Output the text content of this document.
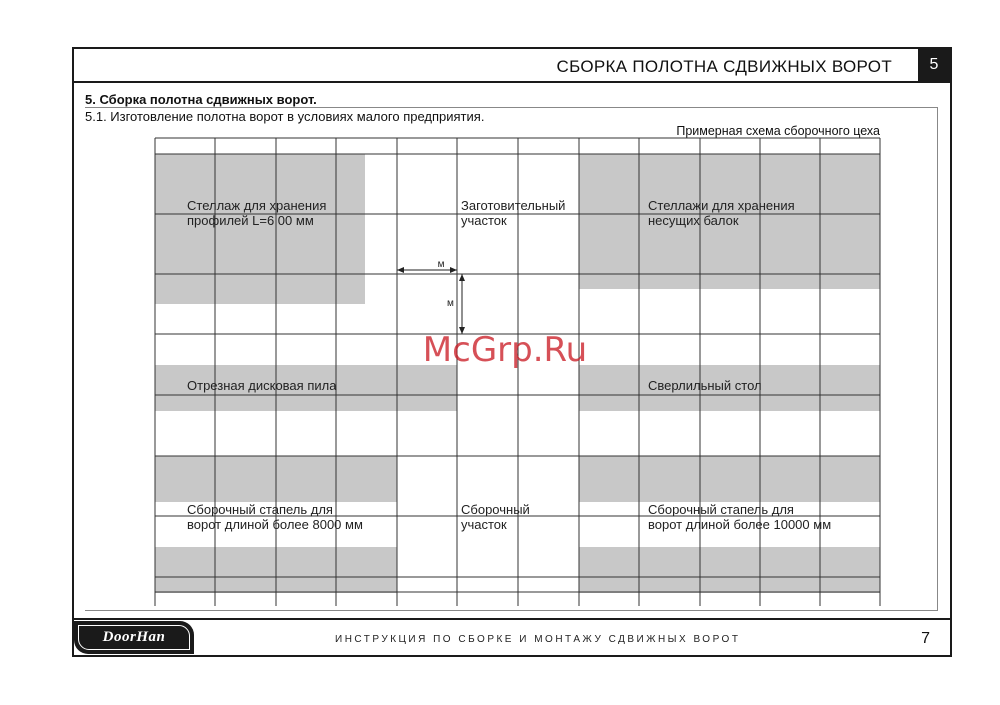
СБОРКА ПОЛОТНА СДВИЖНЫХ ВОРОТ	5
5. Сборка полотна сдвижных ворот.
5.1. Изготовление полотна ворот в условиях малого предприятия.
Примерная схема сборочного цеха
м
м
Стеллаж для хранения
профилей L=6 00 мм
Заготовительный
участок
Стеллажи для хранения
несущих балок
Отрезная дисковая пила	Сверлильный стол
Сборочный стапель для
ворот длиной более 8000 мм
Сборочный
участок
Сборочный стапель для
ворот длиной более 10000 мм
DoorHan	ИНСТРУКЦИЯ ПО СБОРКЕ И МОНТАЖУ СДВИЖНЫХ ВОРОТ	7
McGrp.Ru
